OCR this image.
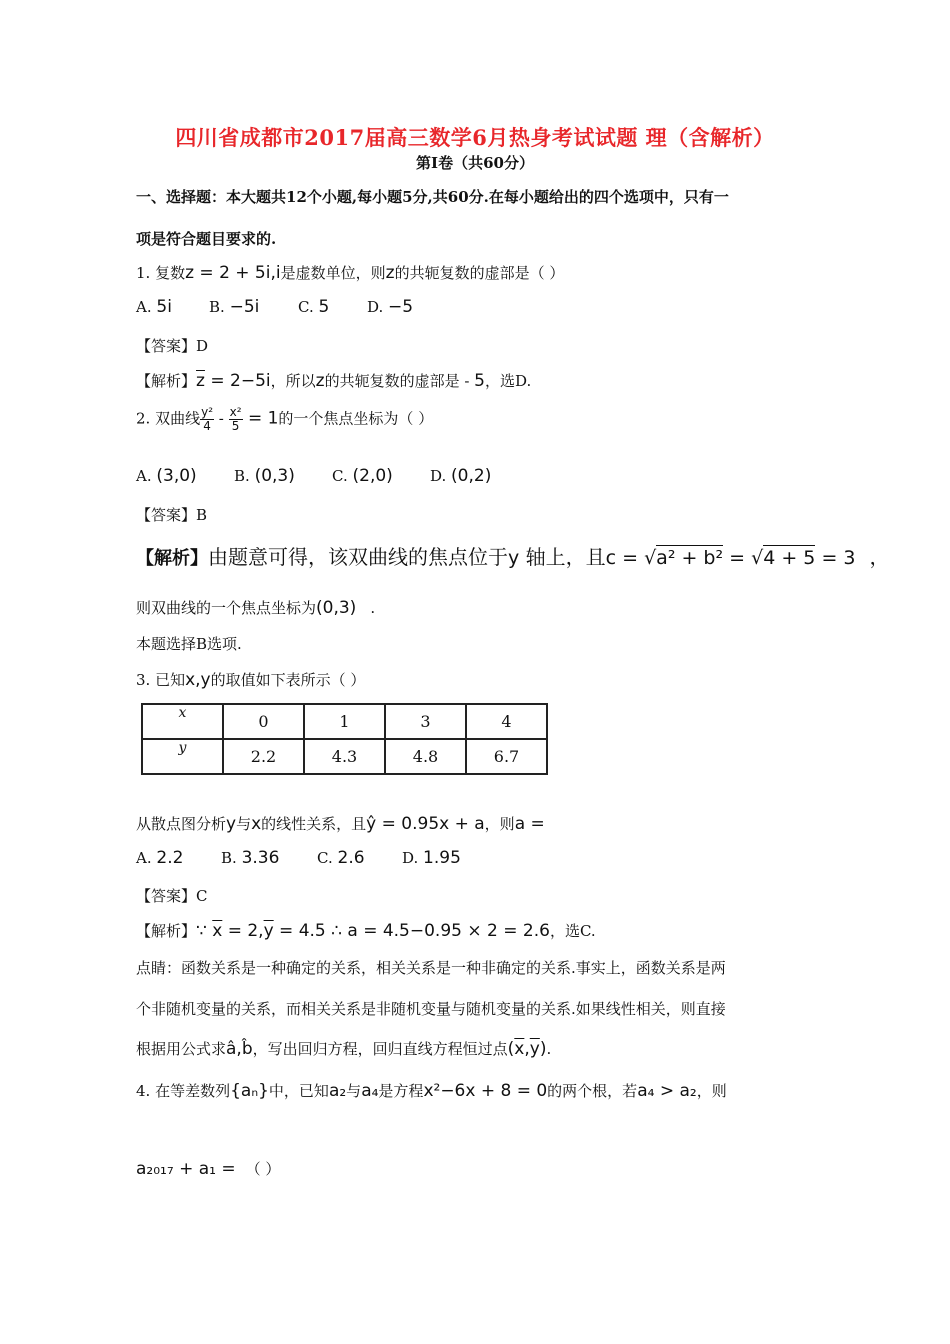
四川省成都市2017届高三数学6月热身考试试题 理（含解析）
第Ⅰ卷（共60分）
一、选择题：本大题共12个小题,每小题5分,共60分.在每小题给出的四个选项中，只有一
项是符合题目要求的.
1. 复数z = 2 + 5i,i是虚数单位，则z的共轭复数的虚部是（ ）
A. 5i B. −5i	C. 5	D. −5
【答案】D
【解析】$\overline{z} = 2-5i$，所以z的共轭复数的虚部是 - 5，选D.
2. 双曲线 $\frac{\text{y²}}{4} - \frac{\text{x²}}{5} = 1$的一个焦点坐标为（ ）
A. (3,0) B. (0,3) C. (2,0) D. (0,2)
【答案】B
【解析】由题意可得，该双曲线的焦点位于y 轴上，且c = √a² + b² = √4 + 5 = 3 ，
则双曲线的一个焦点坐标为(0,3) .
本题选择B选项.
3. 已知x,y的取值如下表所示（ ）
x	0	1	3	4
y	2.2	4.3	4.8	6.7
从散点图分析y与x的线性关系，且ŷ = 0.95x + a，则a =
A. 2.2	B. 3.36	C. 2.6 D. 1.95
【答案】C
【解析】∵ $\overline{x} = 2,\overline{y} = 4.5$ ∴ a = 4.5−0.95 × 2 = 2.6，选C.
点睛：函数关系是一种确定的关系，相关关系是一种非确定的关系.事实上，函数关系是两
个非随机变量的关系，而相关关系是非随机变量与随机变量的关系.如果线性相关，则直接
根据用公式求â,b̂，写出回归方程，回归直线方程恒过点$(\overline{x},\overline{y})$.
4. 在等差数列{aₙ}中，已知a₂与a₄是方程x²−6x + 8 = 0的两个根，若a₄ > a₂，则
a₂₀₁₇ + a₁ = （ ）
